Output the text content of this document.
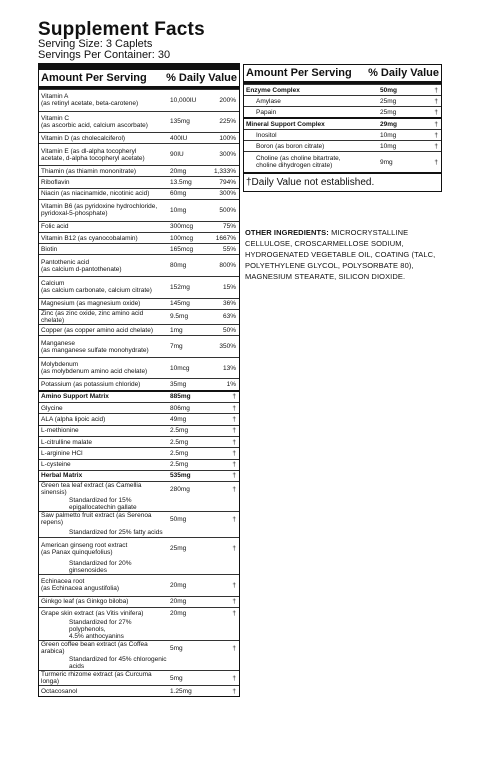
Supplement Facts
Serving Size: 3 Caplets
Servings Per Container: 30
Amount Per Serving % Daily Value
Vitamin A
(as retinyl acetate, beta-carotene)	10,000IU	200%
Vitamin C
(as ascorbic acid, calcium ascorbate)	135mg	225%
Vitamin D (as cholecalciferol)	400IU	100%
Vitamin E (as dl-alpha tocopheryl
acetate, d-alpha tocopheryl acetate)	90IU	300%
Thiamin (as thiamin mononitrate)	20mg	1,333%
Riboflavin	13.5mg	794%
Niacin (as niacinamide, nicotinic acid)	60mg	300%
Vitamin B6 (as pyridoxine hydrochloride,
pyridoxal-5-phosphate)	10mg	500%
Folic acid	300mcg	75%
Vitamin B12 (as cyanocobalamin)	100mcg	1667%
Biotin	165mcg	55%
Pantothenic acid
(as calcium d-pantothenate)	80mg	800%
Calcium
(as calcium carbonate, calcium citrate)	152mg	15%
Magnesium (as magnesium oxide)	145mg	36%
Zinc (as zinc oxide, zinc amino acid chelate)	9.5mg	63%
Copper (as copper amino acid chelate)	1mg	50%
Manganese
(as manganese sulfate monohydrate)	7mg	350%
Molybdenum
(as molybdenum amino acid chelate)	10mcg	13%
Potassium (as potassium chloride)	35mg	1%
Amino Support Matrix	885mg	†
Glycine	806mg	†
ALA (alpha lipoic acid)	49mg	†
L-methionine	2.5mg	†
L-citrulline malate	2.5mg	†
L-arginine HCl	2.5mg	†
L-cysteine	2.5mg	†
Herbal Matrix	535mg	†
Green tea leaf extract (as Camellia sinensis)	280mg	†
Standardized for 15% epigallocatechin gallate
Saw palmetto fruit extract (as Serenoa repens)	50mg	†
Standardized for 25% fatty acids
American ginseng root extract
(as Panax quinquefolius)	25mg	†
Standardized for 20% ginsenosides
Echinacea root
(as Echinacea angustifolia)	20mg	†
Ginkgo leaf (as Ginkgo biloba)	20mg	†
Grape skin extract (as Vitis vinifera)	20mg	†
Standardized for 27% polyphenols,
4.5% anthocyanins
Green coffee bean extract (as Coffea arabica)	5mg	†
Standardized for 45% chlorogenic acids
Turmeric rhizome extract (as Curcuma longa)	5mg	†
Octacosanol	1.25mg	†
Amount Per Serving % Daily Value
Enzyme Complex	50mg	†
Amylase	25mg	†
Papain	25mg	†
Mineral Support Complex	29mg	†
Inositol	10mg	†
Boron (as boron citrate)	10mg	†
Choline (as choline bitartrate,
choline dihydrogen citrate)	9mg	†
†Daily Value not established.
OTHER INGREDIENTS: MICROCRYSTALLINE CELLULOSE, CROSCARMELLOSE SODIUM, HYDROGENATED VEGETABLE OIL, COATING (TALC, POLYETHYLENE GLYCOL, POLYSORBATE 80), MAGNESIUM STEARATE, SILICON DIOXIDE.
